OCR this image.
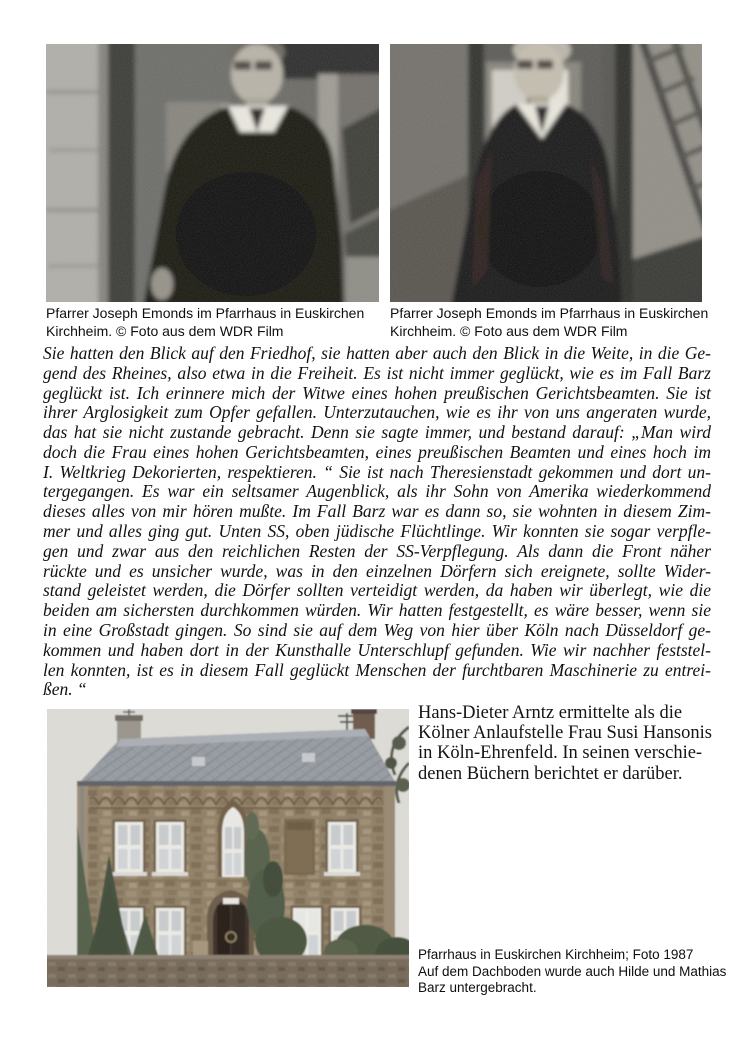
Pfarrer Joseph Emonds im Pfarrhaus in Euskirchen
Kirchheim. © Foto aus dem WDR Film
Pfarrer Joseph Emonds im Pfarrhaus in Euskirchen
Kirchheim. © Foto aus dem WDR Film
Sie hatten den Blick auf den Friedhof, sie hatten aber auch den Blick in die Weite, in die Ge-
gend des Rheines, also etwa in die Freiheit. Es ist nicht immer geglückt, wie es im Fall Barz
geglückt ist. Ich erinnere mich der Witwe eines hohen preußischen Gerichtsbeamten. Sie ist
ihrer Arglosigkeit zum Opfer gefallen. Unterzutauchen, wie es ihr von uns angeraten wurde,
das hat sie nicht zustande gebracht. Denn sie sagte immer, und bestand darauf: „Man wird
doch die Frau eines hohen Gerichtsbeamten, eines preußischen Beamten und eines hoch im
I. Weltkrieg Dekorierten, respektieren. “ Sie ist nach Theresienstadt gekommen und dort un-
tergegangen. Es war ein seltsamer Augenblick, als ihr Sohn von Amerika wiederkommend
dieses alles von mir hören mußte. Im Fall Barz war es dann so, sie wohnten in diesem Zim-
mer und alles ging gut. Unten SS, oben jüdische Flüchtlinge. Wir konnten sie sogar verpfle-
gen und zwar aus den reichlichen Resten der SS-Verpflegung. Als dann die Front näher
rückte und es unsicher wurde, was in den einzelnen Dörfern sich ereignete, sollte Wider-
stand geleistet werden, die Dörfer sollten verteidigt werden, da haben wir überlegt, wie die
beiden am sichersten durchkommen würden. Wir hatten festgestellt, es wäre besser, wenn sie
in eine Großstadt gingen. So sind sie auf dem Weg von hier über Köln nach Düsseldorf ge-
kommen und haben dort in der Kunsthalle Unterschlupf gefunden. Wie wir nachher feststel-
len konnten, ist es in diesem Fall geglückt Menschen der furchtbaren Maschinerie zu entrei-
ßen. “
Hans-Dieter Arntz ermittelte als die
Kölner Anlaufstelle Frau Susi Hansonis
in Köln-Ehrenfeld. In seinen verschie-
denen Büchern berichtet er darüber.
Pfarrhaus in Euskirchen Kirchheim; Foto 1987
Auf dem Dachboden wurde auch Hilde und Mathias
Barz untergebracht.
